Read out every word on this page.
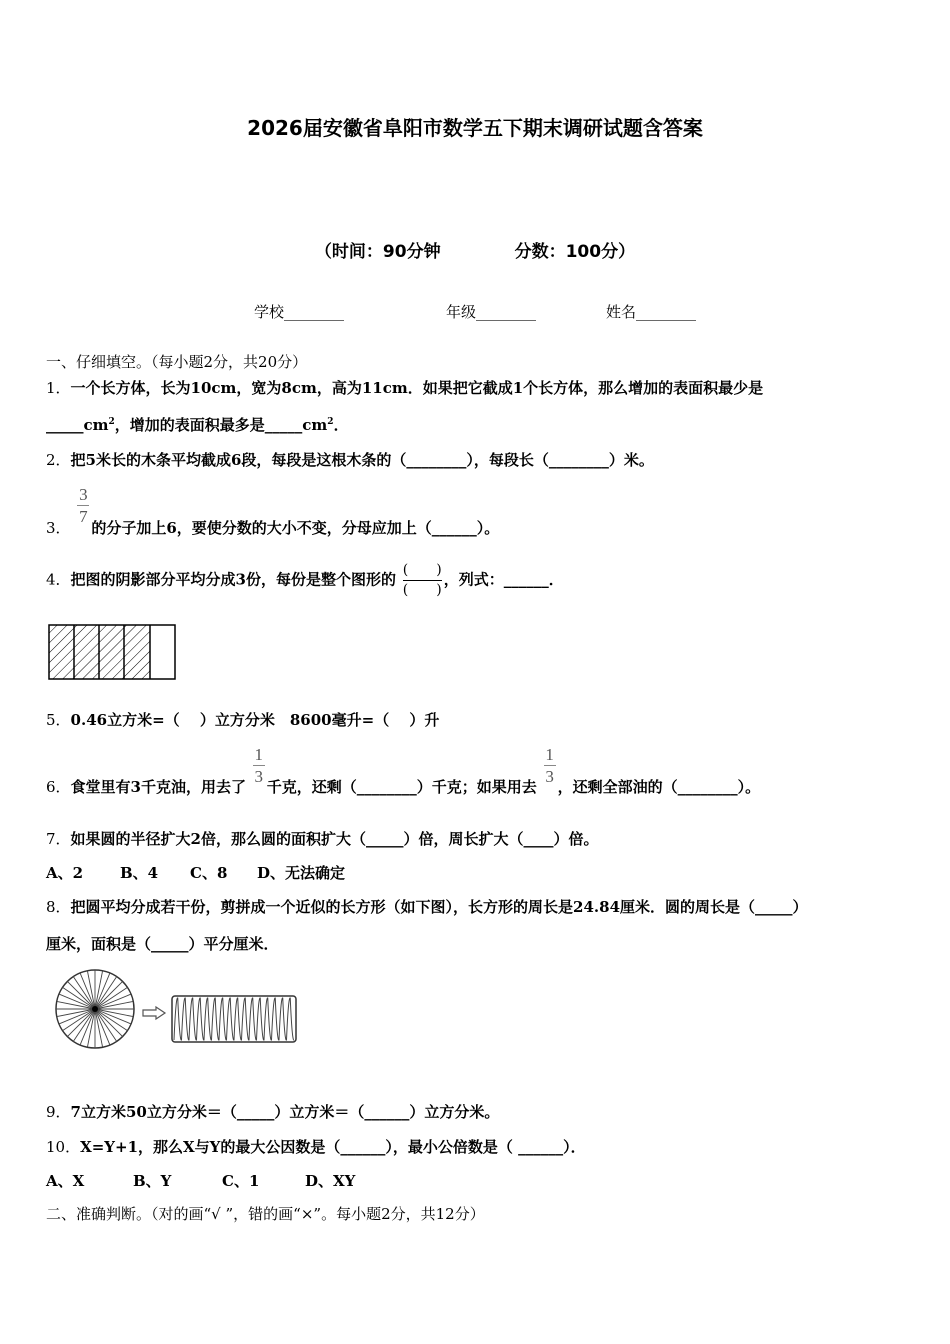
2026届安徽省阜阳市数学五下期末调研试题含答案
（时间：90分钟	分数：100分）
学校________	年级________	姓名________
一、仔细填空。（每小题2分，共20分）
1．一个长方体，长为10cm，宽为8cm，高为11cm．如果把它截成1个长方体，那么增加的表面积最少是
$\_\_\_\_\_cm^2$，增加的表面积最多是$\_\_\_\_\_cm^2$．
2．把5米长的木条平均截成6段，每段是这根木条的（________），每段长（________）米。
3．
$\frac{3}{7}$
的分子加上6，要使分数的大小不变，分母应加上（______）。
4．把图的阴影部分平均分成3份，每份是整个图形的 (　　)
(　　)，列式：______．
5．0.46立方米=（　 ）立方分米　8600毫升=（　 ）升
6．食堂里有3千克油，用去了
$\frac{1}{3}$
千克，还剩（________）千克；如果用去
$\frac{1}{3}$
，还剩全部油的（________）。
7．如果圆的半径扩大2倍，那么圆的面积扩大（_____）倍，周长扩大（____）倍。
A、2 B、4 C、8 D、无法确定
8．把圆平均分成若干份，剪拼成一个近似的长方形（如下图），长方形的周长是24.84厘米．圆的周长是（_____）
厘米，面积是（_____）平分厘米．
9．7立方米50立方分米＝（_____）立方米＝（______）立方分米。
10．X=Y+1，那么X与Y的最大公因数是（______），最小公倍数是（ ______）．
A、X	B、Y	C、1	D、XY
二、准确判断。（对的画“√ ”，错的画“×”。每小题2分，共12分）
